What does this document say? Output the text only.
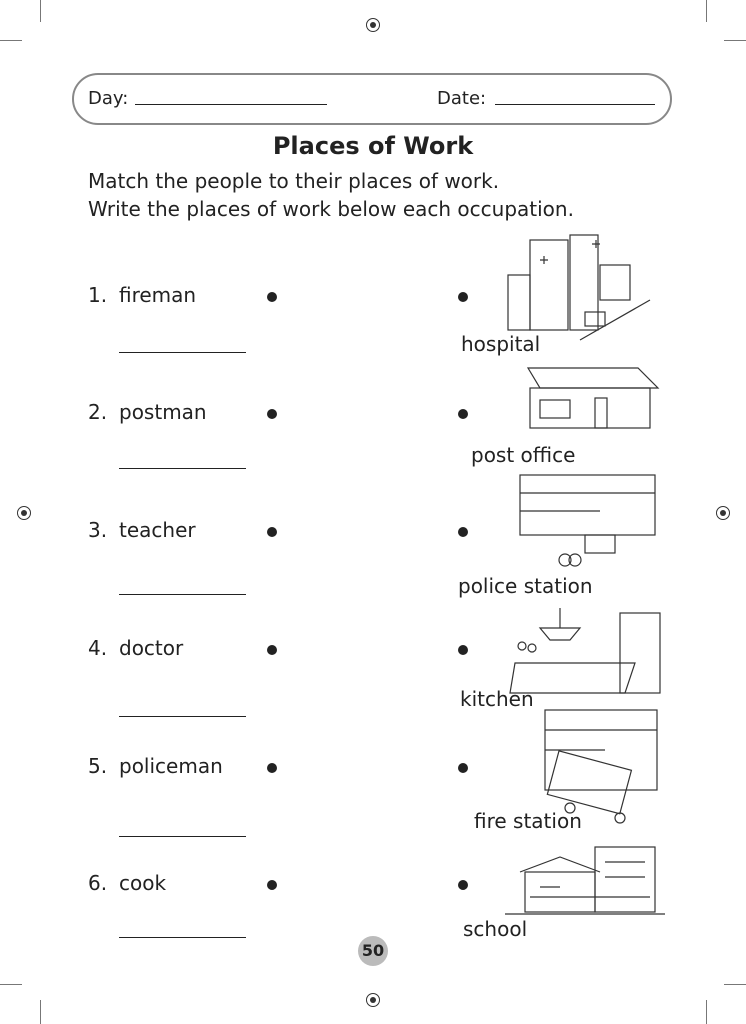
Day:	Date:
Places of Work
Match the people to their places of work.
Write the places of work below each occupation.
1. fireman
hospital
2. postman
post office
3. teacher
police station
4. doctor
kitchen
5. policeman
fire station
6. cook
school
50
